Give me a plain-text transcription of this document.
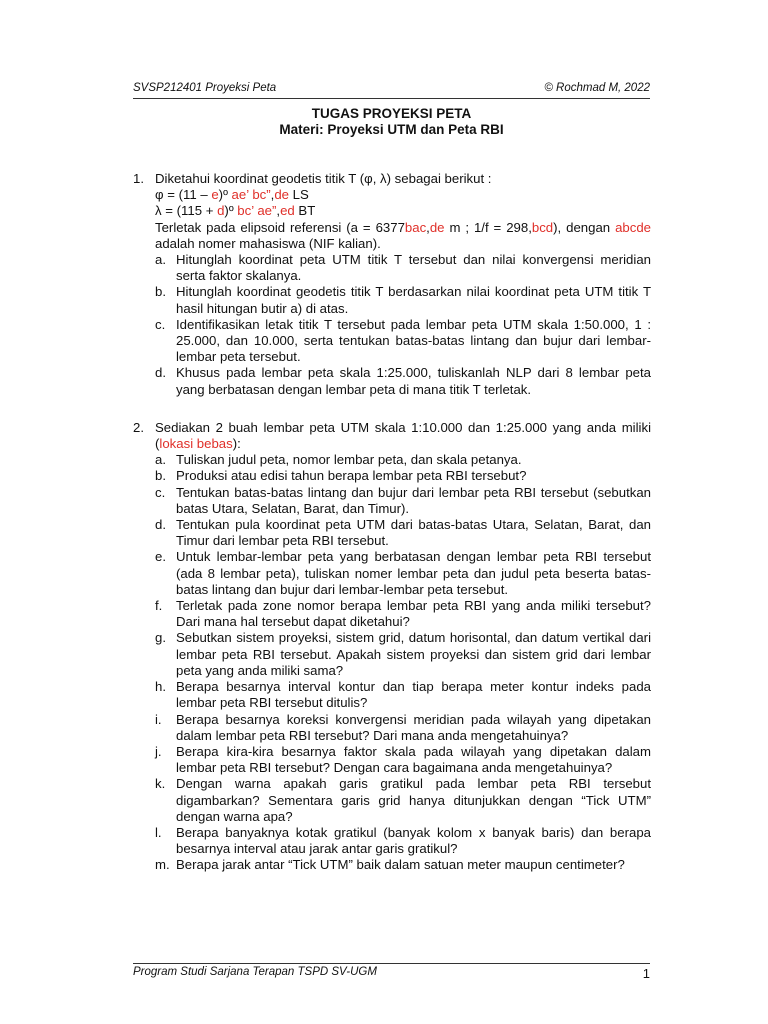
SVSP212401 Proyeksi Peta	© Rochmad M, 2022
TUGAS PROYEKSI PETA
Materi: Proyeksi UTM dan Peta RBI
1. Diketahui koordinat geodetis titik T (φ, λ) sebagai berikut :

φ = (11 – e)º ae’ bc”,de LS

λ = (115 + d)º bc’ ae”,ed BT

Terletak pada elipsoid referensi (a = 6377bac,de m ; 1/f = 298,bcd), dengan abcde adalah nomer mahasiswa (NIF kalian).

a. Hitunglah koordinat peta UTM titik T tersebut dan nilai konvergensi meridian serta faktor skalanya.
b. Hitunglah koordinat geodetis titik T berdasarkan nilai koordinat peta UTM titik T hasil hitungan butir a) di atas.
c. Identifikasikan letak titik T tersebut pada lembar peta UTM skala 1:50.000, 1 : 25.000, dan 10.000, serta tentukan batas-batas lintang dan bujur dari lembar-lembar peta tersebut.
d. Khusus pada lembar peta skala 1:25.000, tuliskanlah NLP dari 8 lembar peta yang berbatasan dengan lembar peta di mana titik T terletak.
2. Sediakan 2 buah lembar peta UTM skala 1:10.000 dan 1:25.000 yang anda miliki (lokasi bebas):

a. Tuliskan judul peta, nomor lembar peta, dan skala petanya.
b. Produksi atau edisi tahun berapa lembar peta RBI tersebut?
c. Tentukan batas-batas lintang dan bujur dari lembar peta RBI tersebut (sebutkan batas Utara, Selatan, Barat, dan Timur).
d. Tentukan pula koordinat peta UTM dari batas-batas Utara, Selatan, Barat, dan Timur dari lembar peta RBI tersebut.
e. Untuk lembar-lembar peta yang berbatasan dengan lembar peta RBI tersebut (ada 8 lembar peta), tuliskan nomer lembar peta dan judul peta beserta batas-batas lintang dan bujur dari lembar-lembar peta tersebut.
f. Terletak pada zone nomor berapa lembar peta RBI yang anda miliki tersebut? Dari mana hal tersebut dapat diketahui?
g. Sebutkan sistem proyeksi, sistem grid, datum horisontal, dan datum vertikal dari lembar peta RBI tersebut. Apakah sistem proyeksi dan sistem grid dari lembar peta yang anda miliki sama?
h. Berapa besarnya interval kontur dan tiap berapa meter kontur indeks pada lembar peta RBI tersebut ditulis?
i. Berapa besarnya koreksi konvergensi meridian pada wilayah yang dipetakan dalam lembar peta RBI tersebut? Dari mana anda mengetahuinya?
j. Berapa kira-kira besarnya faktor skala pada wilayah yang dipetakan dalam lembar peta RBI tersebut? Dengan cara bagaimana anda mengetahuinya?
k. Dengan warna apakah garis gratikul pada lembar peta RBI tersebut digambarkan? Sementara garis grid hanya ditunjukkan dengan “Tick UTM” dengan warna apa?
l. Berapa banyaknya kotak gratikul (banyak kolom x banyak baris) dan berapa besarnya interval atau jarak antar garis gratikul?
m. Berapa jarak antar “Tick UTM” baik dalam satuan meter maupun centimeter?
Program Studi Sarjana Terapan TSPD SV-UGM	1
